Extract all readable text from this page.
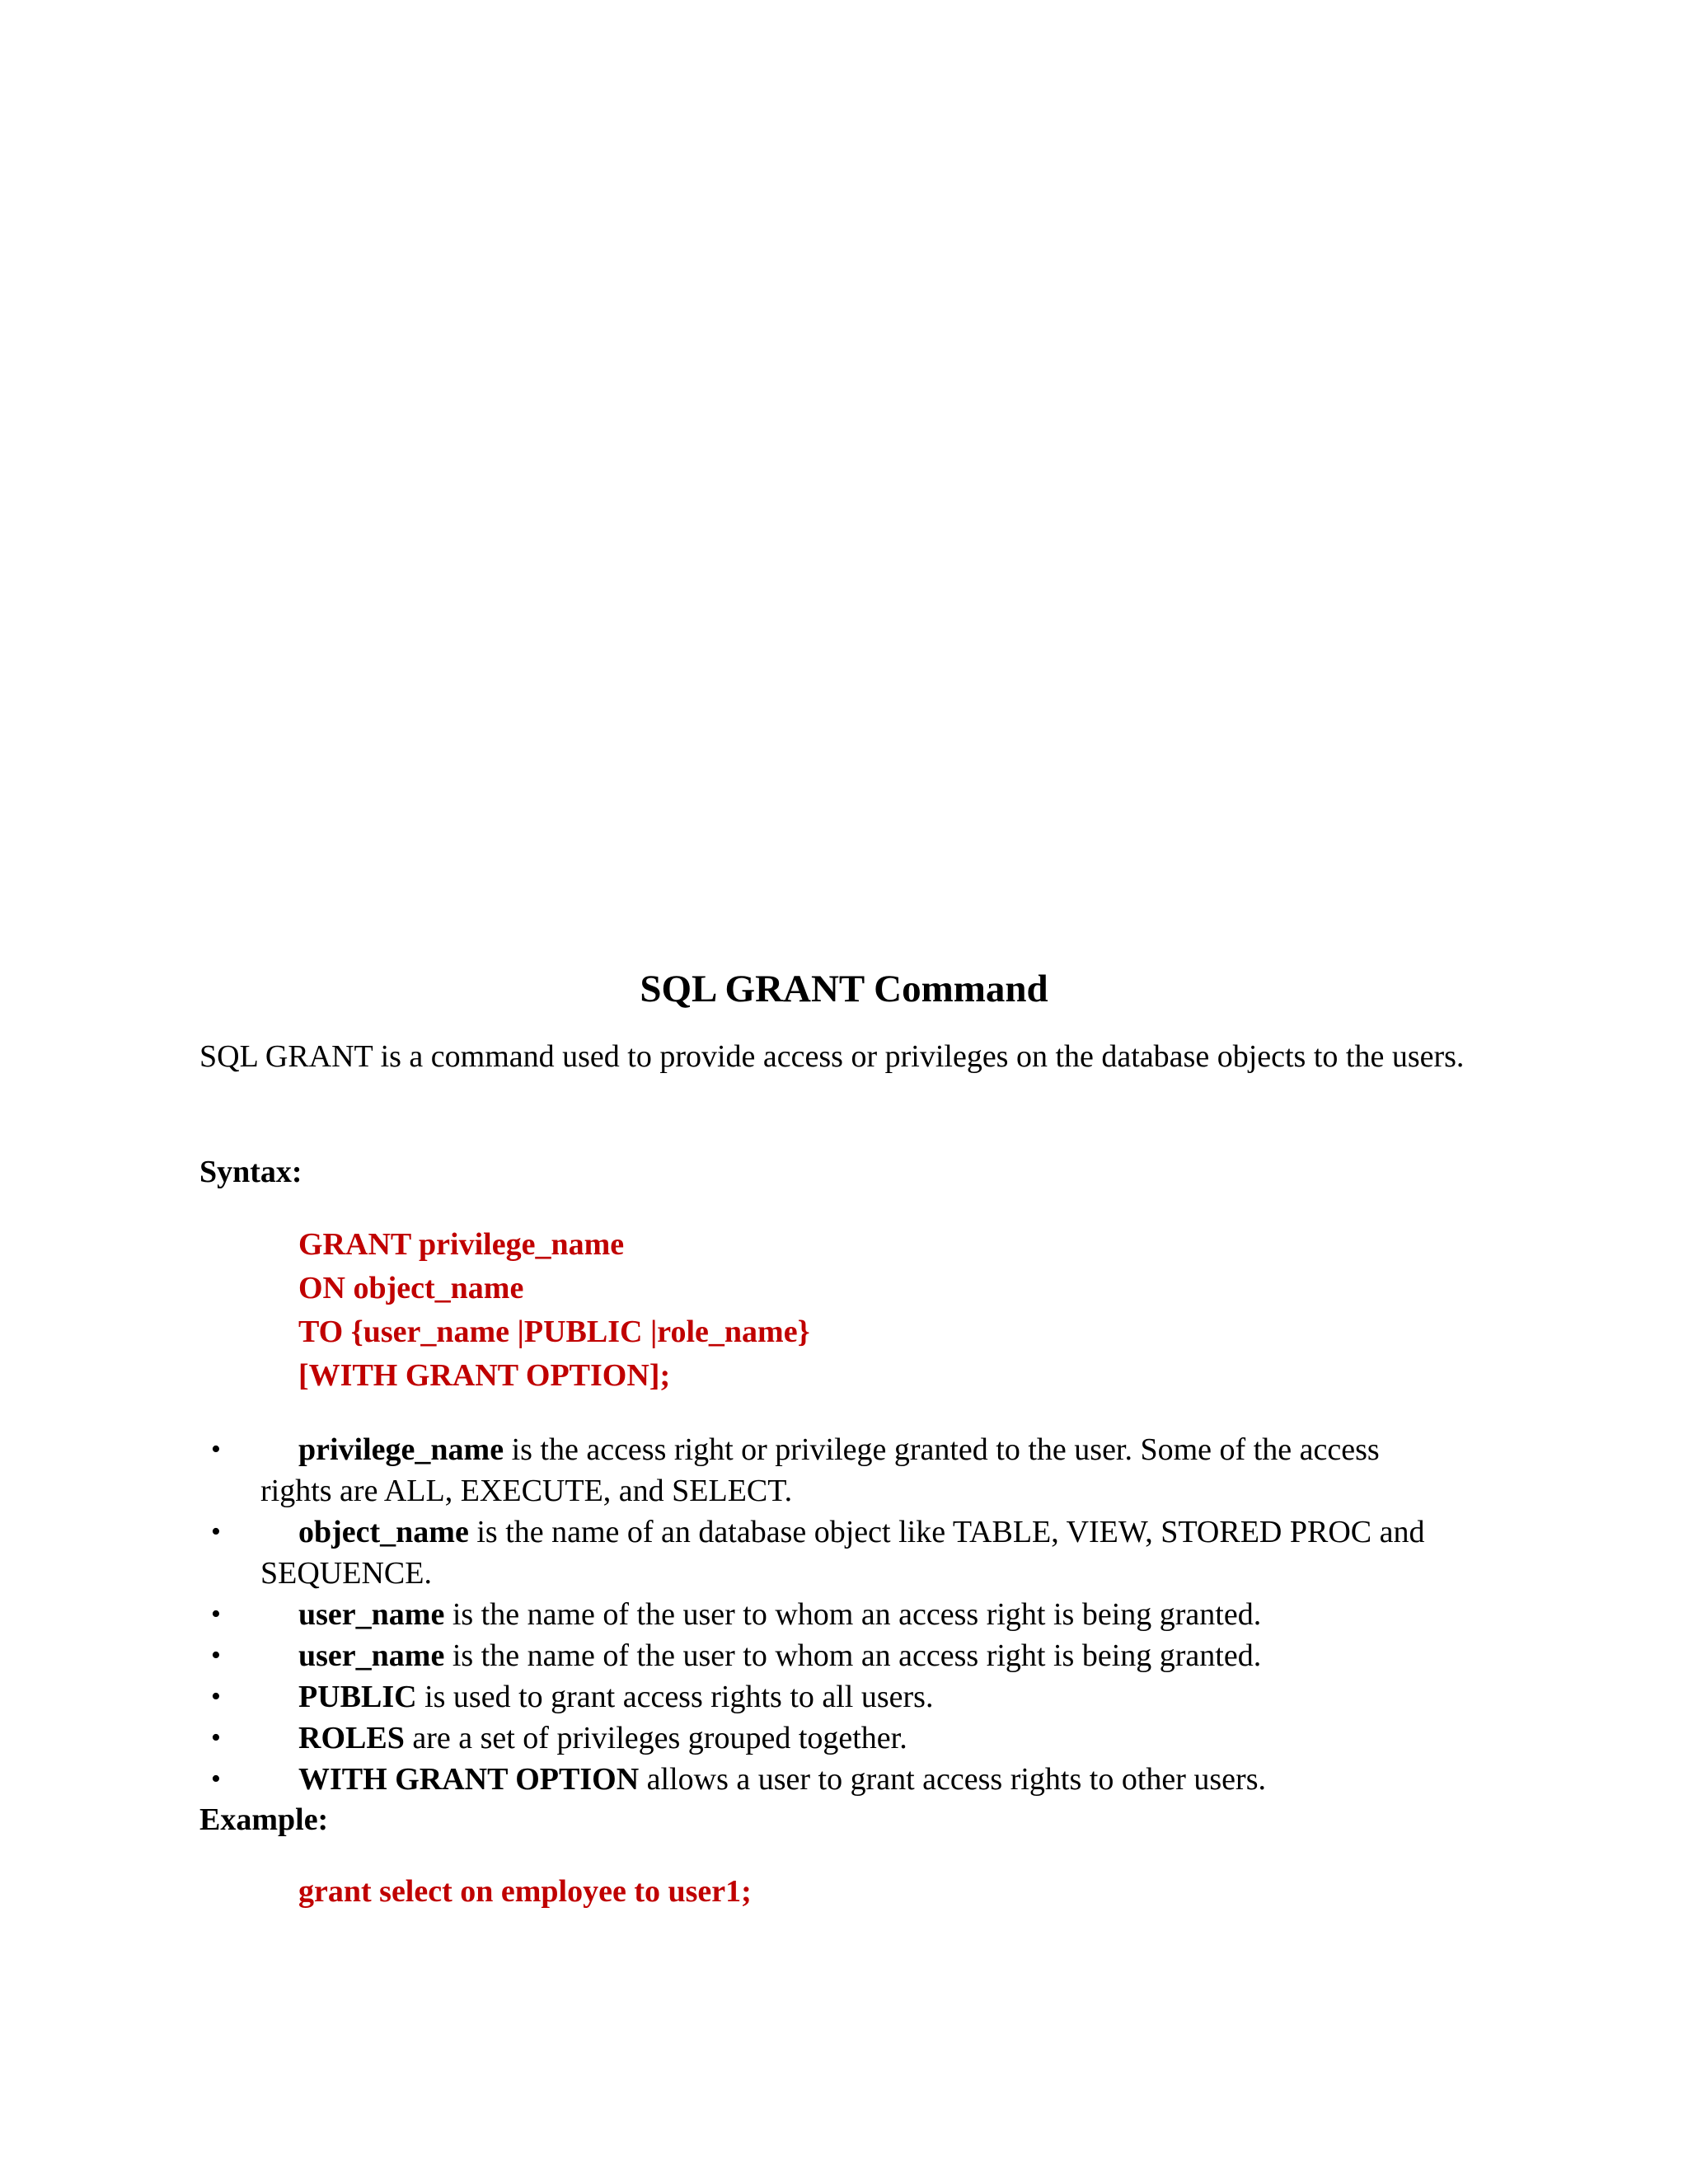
SQL GRANT Command

SQL GRANT is a command used to provide access or privileges on the database objects to the users.

Syntax:

GRANT privilege_name
ON object_name
TO {user_name |PUBLIC |role_name}
[WITH GRANT OPTION];
• privilege_name is the access right or privilege granted to the user. Some of the access rights are ALL, EXECUTE, and SELECT.
• object_name is the name of an database object like TABLE, VIEW, STORED PROC and SEQUENCE.
• user_name is the name of the user to whom an access right is being granted.
• user_name is the name of the user to whom an access right is being granted.
• PUBLIC is used to grant access rights to all users.
• ROLES are a set of privileges grouped together.
• WITH GRANT OPTION allows a user to grant access rights to other users.

Example:

grant select on employee to user1;
